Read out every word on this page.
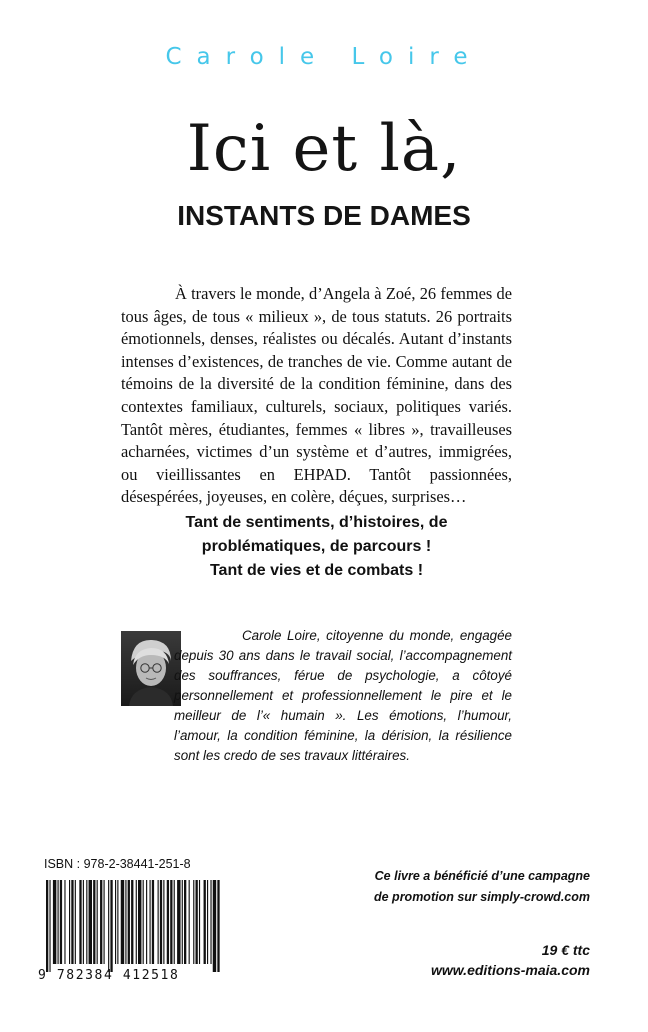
Carole Loire
Ici et là,
INSTANTS DE DAMES

À travers le monde, d’Angela à Zoé, 26 femmes de tous âges, de tous « milieux », de tous statuts. 26 portraits émotionnels, denses, réalistes ou décalés. Autant d’instants intenses d’existences, de tranches de vie. Comme autant de témoins de la diversité de la condition féminine, dans des contextes familiaux, culturels, sociaux, politiques variés. Tantôt mères, étudiantes, femmes « libres », travailleuses acharnées, victimes d’un système et d’autres, immigrées, ou vieillissantes en EHPAD. Tantôt passionnées, désespérées, joyeuses, en colère, déçues, surprises…

Tant de sentiments, d’histoires, de
problématiques, de parcours !
Tant de vies et de combats !

Carole Loire, citoyenne du monde, engagée depuis 30 ans dans le travail social, l’accompagnement des souffrances, férue de psychologie, a côtoyé personnellement et professionnellement le pire et le meilleur de l’« humain ». Les émotions, l’humour, l’amour, la condition féminine, la dérision, la résilience sont les credo de ses travaux littéraires.

ISBN : 978-2-38441-251-8
9 782384 412518
Ce livre a bénéficié d’une campagne
de promotion sur simply-crowd.com
19 € ttc
www.editions-maia.com
